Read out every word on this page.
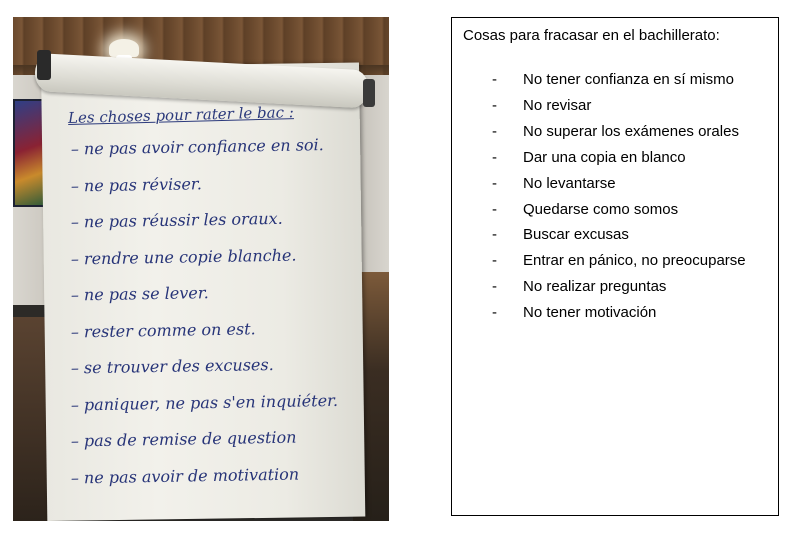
Les choses pour rater le bac :
– ne pas avoir confiance en soi.
– ne pas réviser.
– ne pas réussir les oraux.
– rendre une copie blanche.
– ne pas se lever.
– rester comme on est.
– se trouver des excuses.
– paniquer, ne pas s'en inquiéter.
– pas de remise de question
– ne pas avoir de motivation
Cosas para fracasar en el bachillerato:
- No tener confianza en sí mismo
- No revisar
- No superar los exámenes orales
- Dar una copia en blanco
- No levantarse
- Quedarse como somos
- Buscar excusas
- Entrar en pánico, no preocuparse
- No realizar preguntas
- No tener motivación
